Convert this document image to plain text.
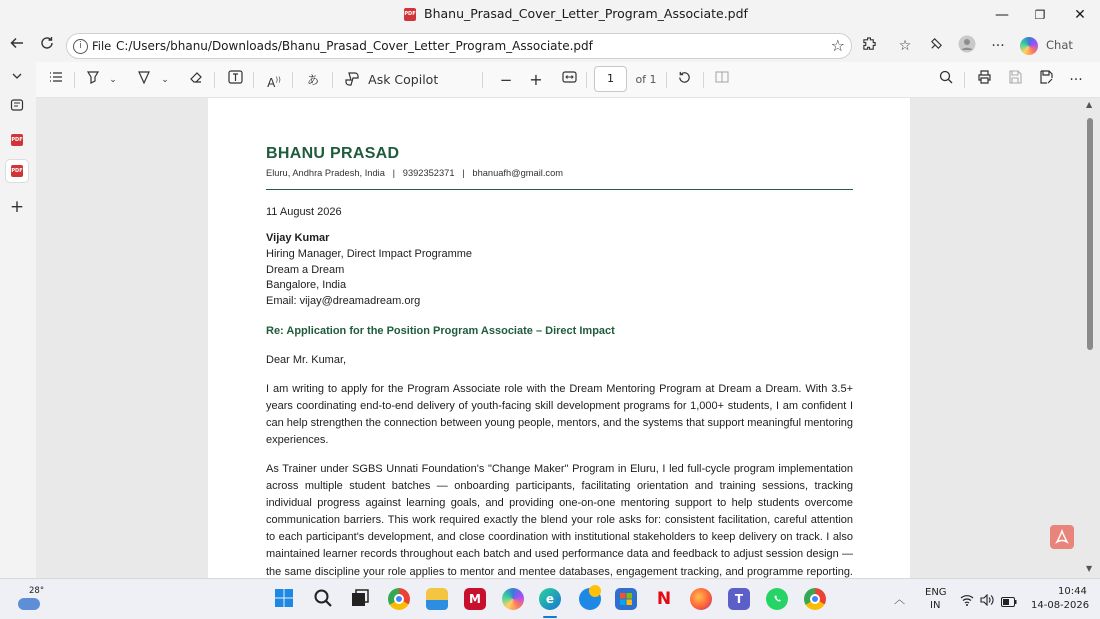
PDF Bhanu_Prasad_Cover_Letter_Program_Associate.pdf	—	❐	✕
i File C:/Users/bhanu/Downloads/Bhanu_Prasad_Cover_Letter_Program_Associate.pdf	☆	☆	···	Chat
PDF
PDF
+
⌄	⌄	A))	あ	Ask Copilot	− +	1	of 1	···
BHANU PRASAD
Eluru, Andhra Pradesh, India   |   9392352371   |   bhanuafh@gmail.com
11 August 2026
Vijay Kumar
Hiring Manager, Direct Impact Programme
Dream a Dream
Bangalore, India
Email: vijay@dreamadream.org
Re: Application for the Position Program Associate – Direct Impact
Dear Mr. Kumar,
I am writing to apply for the Program Associate role with the Dream Mentoring Program at Dream a Dream. With 3.5+
years coordinating end-to-end delivery of youth-facing skill development programs for 1,000+ students, I am confident I
can help strengthen the connection between young people, mentors, and the systems that support meaningful mentoring
experiences.
As Trainer under SGBS Unnati Foundation's "Change Maker" Program in Eluru, I led full-cycle program implementation
across multiple student batches — onboarding participants, facilitating orientation and training sessions, tracking
individual progress against learning goals, and providing one-on-one mentoring support to help students overcome
communication barriers. This work required exactly the blend your role asks for: consistent facilitation, careful attention
to each participant's development, and close coordination with institutional stakeholders to keep delivery on track. I also
maintained learner records throughout each batch and used performance data and feedback to adjust session design —
the same discipline your role applies to mentor and mentee databases, engagement tracking, and programme reporting.
▲
▼
28°
M	e	N	T	︿
ENG
IN
10:44
14-08-2026
